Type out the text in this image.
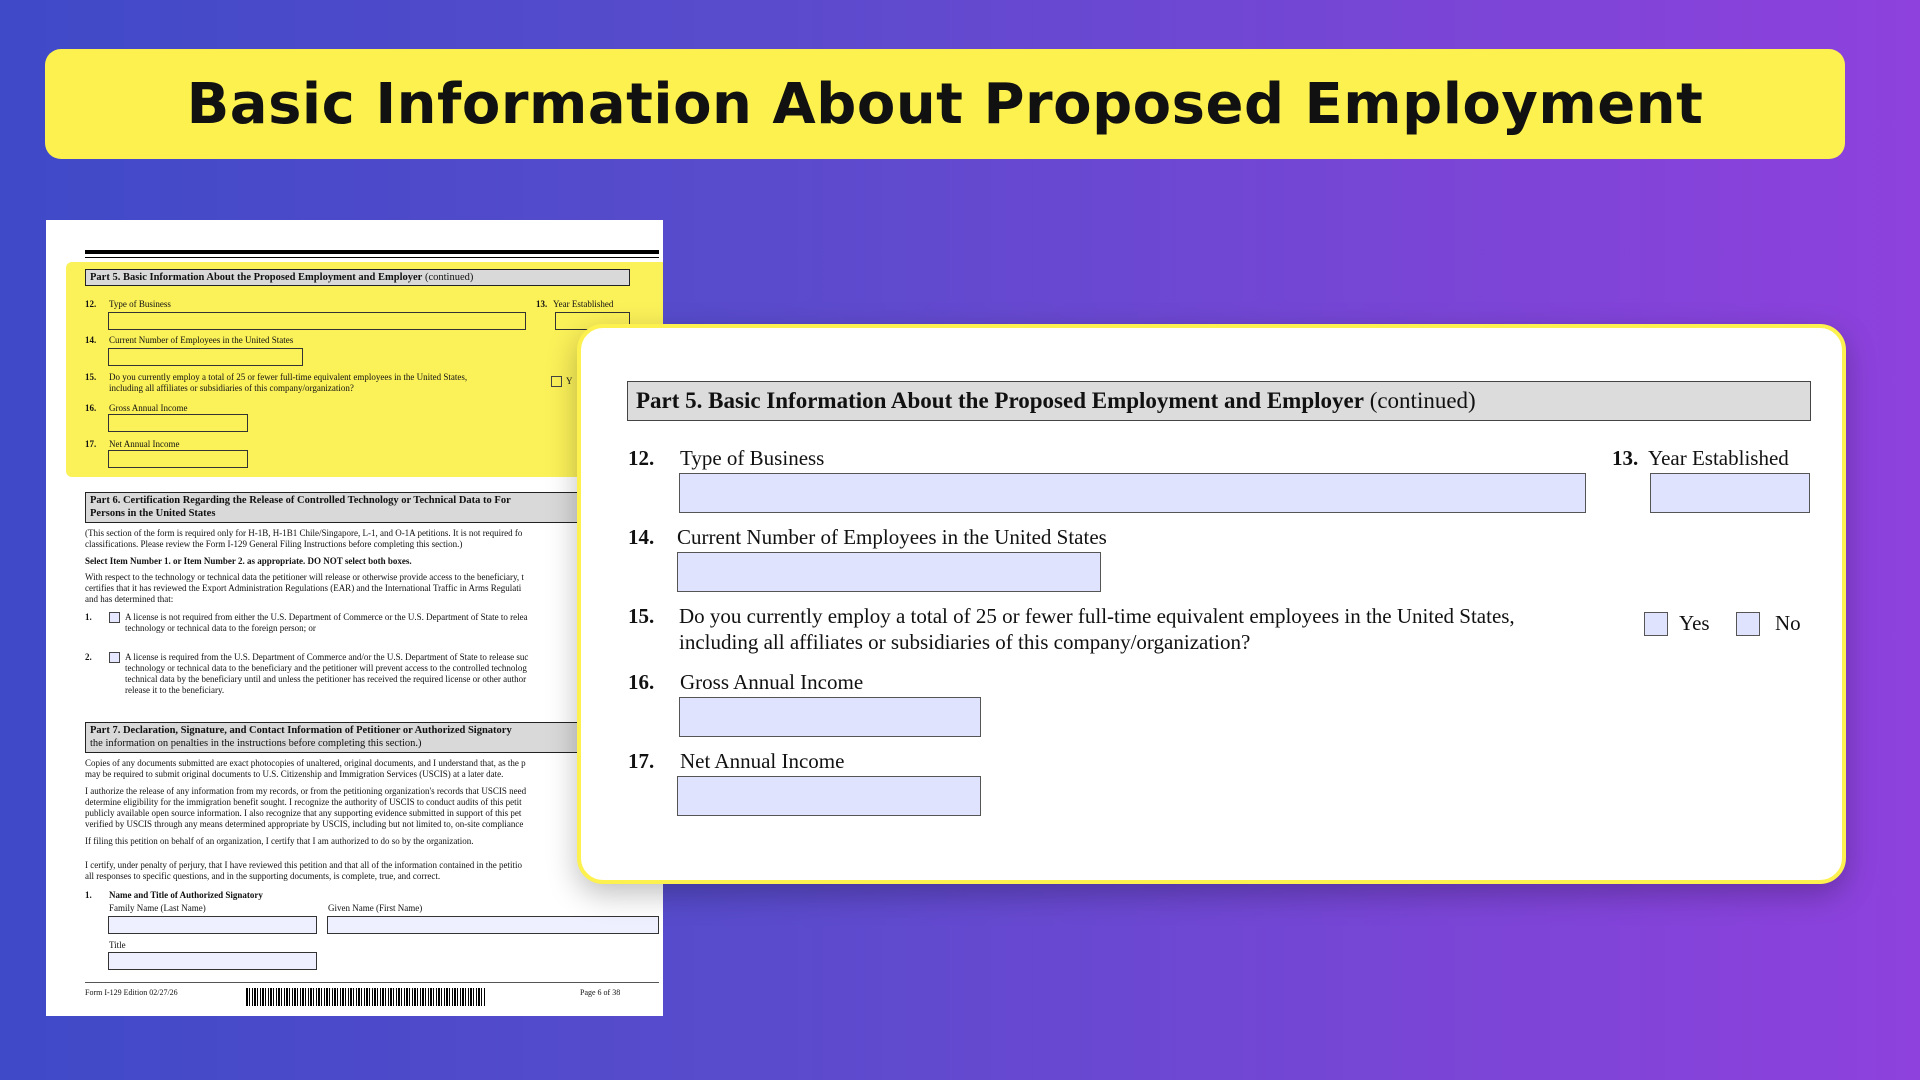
Basic Information About Proposed Employment
Part 5. Basic Information About the Proposed Employment and Employer (continued)
12. Type of Business	13. Year Established
14. Current Number of Employees in the United States
15. Do you currently employ a total of 25 or fewer full-time equivalent employees in the United States,
including all affiliates or subsidiaries of this company/organization?
Y
16. Gross Annual Income
17. Net Annual Income
Part 6. Certification Regarding the Release of Controlled Technology or Technical Data to For
Persons in the United States
(This section of the form is required only for H-1B, H-1B1 Chile/Singapore, L-1, and O-1A petitions. It is not required fo
classifications. Please review the Form I-129 General Filing Instructions before completing this section.)
Select Item Number 1. or Item Number 2. as appropriate. DO NOT select both boxes.
With respect to the technology or technical data the petitioner will release or otherwise provide access to the beneficiary, t
certifies that it has reviewed the Export Administration Regulations (EAR) and the International Traffic in Arms Regulati
and has determined that:
1.	A license is not required from either the U.S. Department of Commerce or the U.S. Department of State to relea
technology or technical data to the foreign person; or
2.	A license is required from the U.S. Department of Commerce and/or the U.S. Department of State to release suc
technology or technical data to the beneficiary and the petitioner will prevent access to the controlled technolog
technical data by the beneficiary until and unless the petitioner has received the required license or other author
release it to the beneficiary.
Part 7. Declaration, Signature, and Contact Information of Petitioner or Authorized Signatory
the information on penalties in the instructions before completing this section.)
Copies of any documents submitted are exact photocopies of unaltered, original documents, and I understand that, as the p
may be required to submit original documents to U.S. Citizenship and Immigration Services (USCIS) at a later date.
I authorize the release of any information from my records, or from the petitioning organization's records that USCIS need
determine eligibility for the immigration benefit sought. I recognize the authority of USCIS to conduct audits of this petit
publicly available open source information. I also recognize that any supporting evidence submitted in support of this pet
verified by USCIS through any means determined appropriate by USCIS, including but not limited to, on-site compliance
If filing this petition on behalf of an organization, I certify that I am authorized to do so by the organization.
I certify, under penalty of perjury, that I have reviewed this petition and that all of the information contained in the petitio
all responses to specific questions, and in the supporting documents, is complete, true, and correct.
1. Name and Title of Authorized Signatory
Family Name (Last Name)	Given Name (First Name)
Title
Form I-129 Edition 02/27/26	Page 6 of 38
Part 5. Basic Information About the Proposed Employment and Employer (continued)
12. Type of Business	13. Year Established
14. Current Number of Employees in the United States
15. Do you currently employ a total of 25 or fewer full-time equivalent employees in the United States,
including all affiliates or subsidiaries of this company/organization?
Yes	No
16. Gross Annual Income
17. Net Annual Income
